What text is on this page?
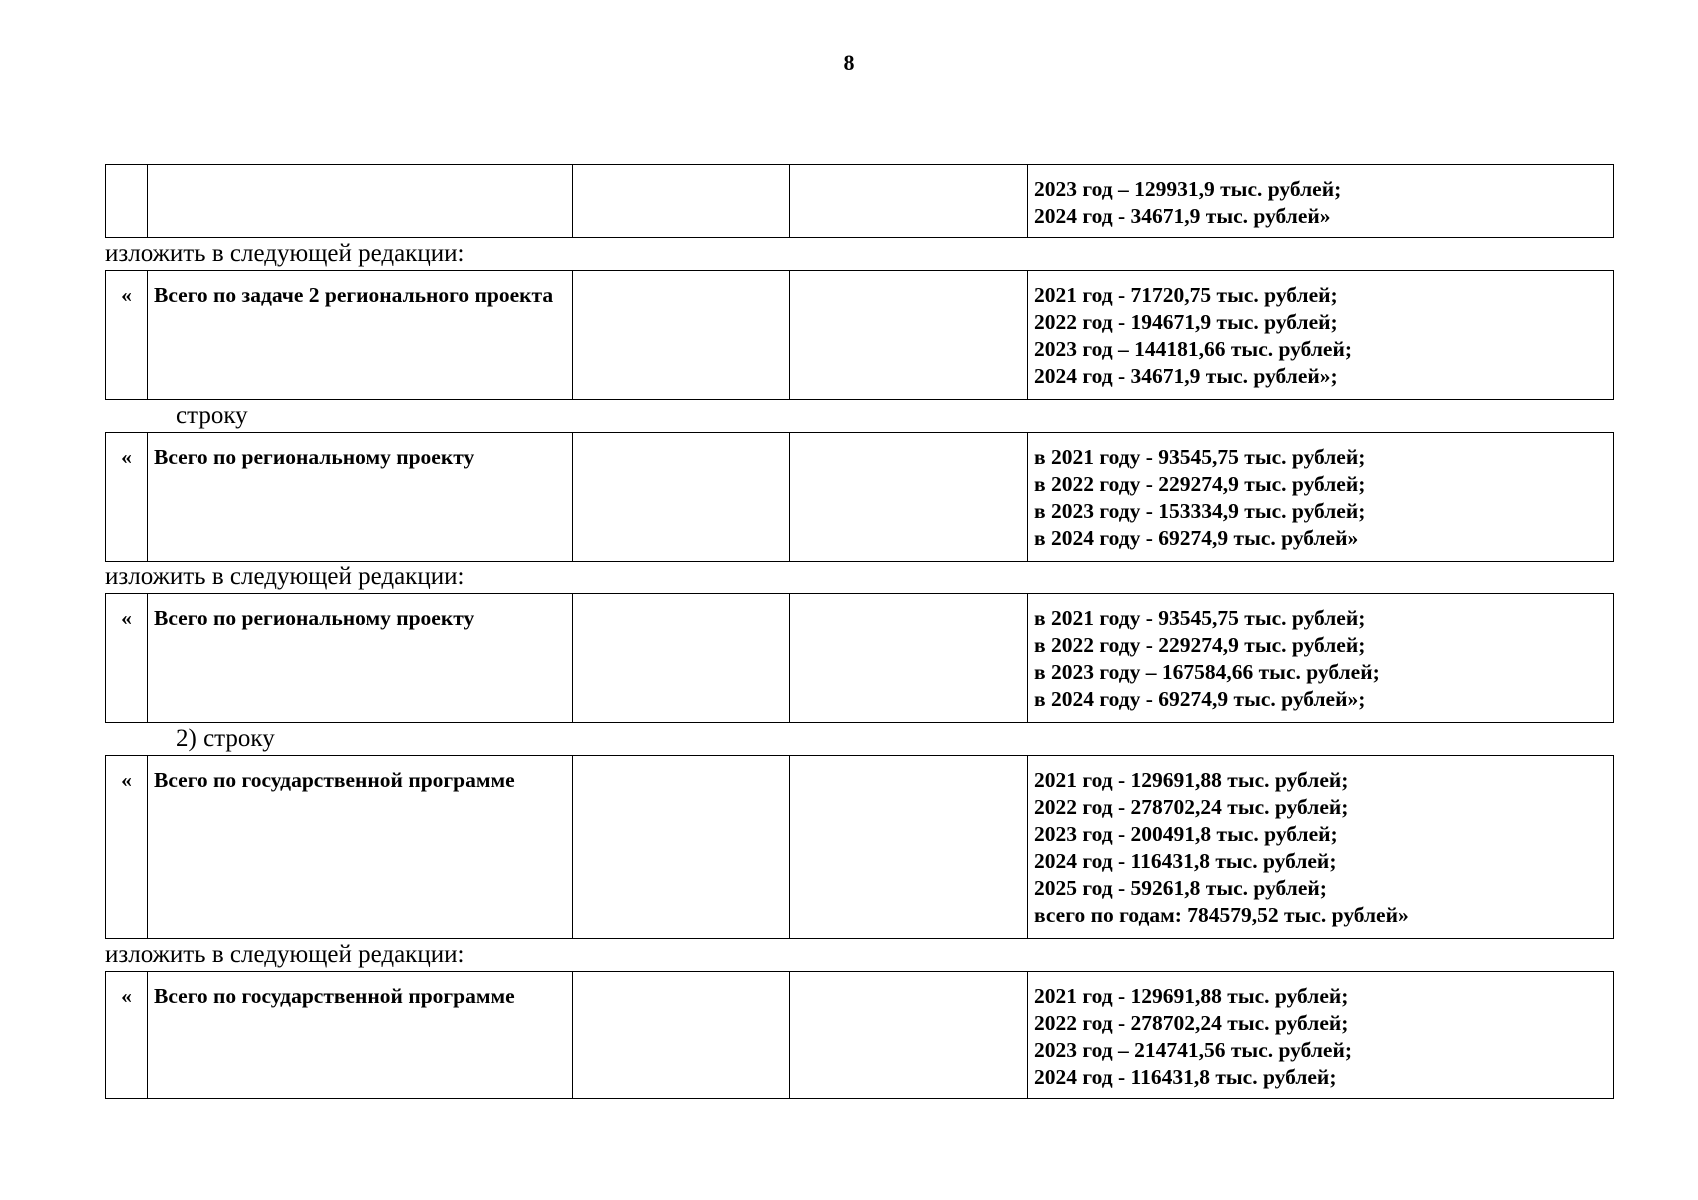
8

2023 год – 129931,9 тыс. рублей;
2024 год - 34671,9 тыс. рублей»
изложить в следующей редакции:
«	Всего по задаче 2 регионального проекта			2021 год - 71720,75 тыс. рублей;
2022 год - 194671,9 тыс. рублей;
2023 год – 144181,66 тыс. рублей;
2024 год - 34671,9 тыс. рублей»;
строку
«	Всего по региональному проекту			в 2021 году - 93545,75 тыс. рублей;
в 2022 году - 229274,9 тыс. рублей;
в 2023 году - 153334,9 тыс. рублей;
в 2024 году - 69274,9 тыс. рублей»
изложить в следующей редакции:
«	Всего по региональному проекту			в 2021 году - 93545,75 тыс. рублей;
в 2022 году - 229274,9 тыс. рублей;
в 2023 году – 167584,66 тыс. рублей;
в 2024 году - 69274,9 тыс. рублей»;
2) строку
«	Всего по государственной программе			2021 год - 129691,88 тыс. рублей;
2022 год - 278702,24 тыс. рублей;
2023 год - 200491,8 тыс. рублей;
2024 год - 116431,8 тыс. рублей;
2025 год - 59261,8 тыс. рублей;
всего по годам: 784579,52 тыс. рублей»
изложить в следующей редакции:
«	Всего по государственной программе			2021 год - 129691,88 тыс. рублей;
2022 год - 278702,24 тыс. рублей;
2023 год – 214741,56 тыс. рублей;
2024 год - 116431,8 тыс. рублей;
